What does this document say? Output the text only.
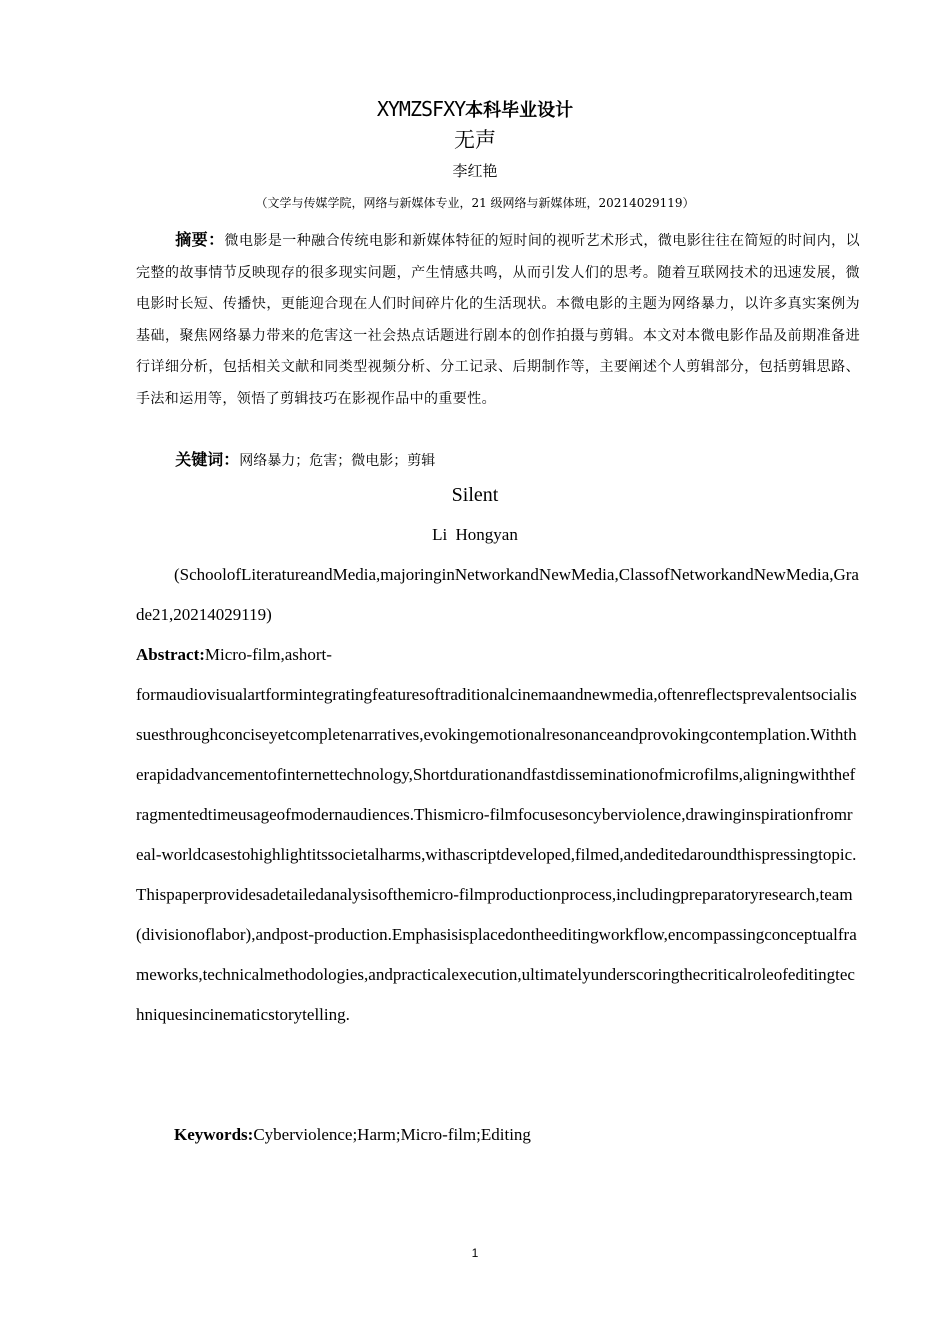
XYMZSFXY本科毕业设计
无声
李红艳
（文学与传媒学院，网络与新媒体专业，21 级网络与新媒体班，20214029119）
摘要：微电影是一种融合传统电影和新媒体特征的短时间的视听艺术形式，微电影往往在简短的时间内，以完整的故事情节反映现存的很多现实问题，产生情感共鸣，从而引发人们的思考。随着互联网技术的迅速发展，微电影时长短、传播快，更能迎合现在人们时间碎片化的生活现状。本微电影的主题为网络暴力，以许多真实案例为基础，聚焦网络暴力带来的危害这一社会热点话题进行剧本的创作拍摄与剪辑。本文对本微电影作品及前期准备进行详细分析，包括相关文献和同类型视频分析、分工记录、后期制作等，主要阐述个人剪辑部分，包括剪辑思路、手法和运用等，领悟了剪辑技巧在影视作品中的重要性。
关键词：网络暴力；危害；微电影；剪辑
Silent
Li Hongyan
(SchoolofLiteratureandMedia,majoringinNetworkandNewMedia,ClassofNetworkandNewMedia,Grade21,20214029119)
Abstract:Micro-film,ashort-
formaudiovisualartformintegratingfeaturesoftraditionalcinemaandnewmedia,oftenreflectsprevalentsocialissuesthroughconciseyetcompletenarratives,evokingemotionalresonanceandprovokingcontemplation.Withtherapidadvancementofinternettechnology,Shortdurationandfastdisseminationofmicrofilms,aligningwiththefragmentedtimeusageofmodernaudiences.Thismicro-filmfocusesoncyberviolence,drawinginspirationfromreal-worldcasestohighlightitssocietalharms,withascriptdeveloped,filmed,andeditedaroundthispressingtopic.Thispaperprovidesadetailedanalysisofthemicro-filmproductionprocess,includingpreparatoryresearch,team(divisionoflabor),andpost-production.Emphasisisplacedontheeditingworkflow,encompassingconceptualframeworks,technicalmethodologies,andpracticalexecution,ultimatelyunderscoringthecriticalroleofeditingtechniquesincinematicstorytelling.
Keywords:Cyberviolence;Harm;Micro-film;Editing
1
